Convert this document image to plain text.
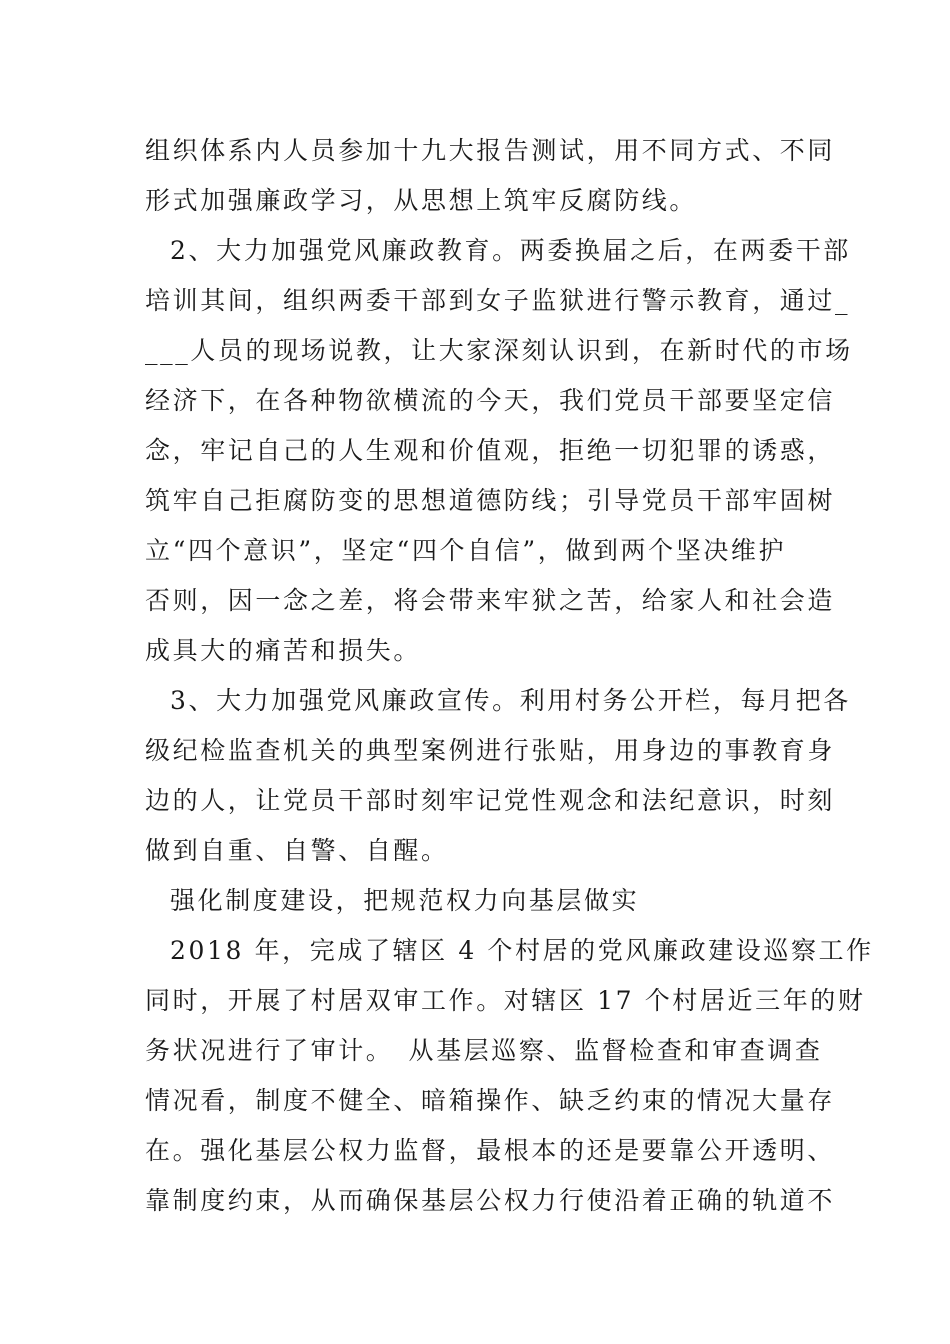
组织体系内人员参加十九大报告测试，用不同方式、不同
形式加强廉政学习，从思想上筑牢反腐防线。
2、大力加强党风廉政教育。两委换届之后，在两委干部
培训其间，组织两委干部到女子监狱进行警示教育，通过_
___人员的现场说教，让大家深刻认识到，在新时代的市场
经济下，在各种物欲横流的今天，我们党员干部要坚定信
念，牢记自己的人生观和价值观，拒绝一切犯罪的诱惑，
筑牢自己拒腐防变的思想道德防线；引导党员干部牢固树
立“四个意识”，坚定“四个自信”，做到两个坚决维护
否则，因一念之差，将会带来牢狱之苦，给家人和社会造
成具大的痛苦和损失。
3、大力加强党风廉政宣传。利用村务公开栏，每月把各
级纪检监查机关的典型案例进行张贴，用身边的事教育身
边的人，让党员干部时刻牢记党性观念和法纪意识，时刻
做到自重、自警、自醒。
强化制度建设，把规范权力向基层做实
2018 年，完成了辖区 4 个村居的党风廉政建设巡察工作
同时，开展了村居双审工作。对辖区 17 个村居近三年的财
务状况进行了审计。　从基层巡察、监督检查和审查调查
情况看，制度不健全、暗箱操作、缺乏约束的情况大量存
在。强化基层公权力监督，最根本的还是要靠公开透明、
靠制度约束，从而确保基层公权力行使沿着正确的轨道不
